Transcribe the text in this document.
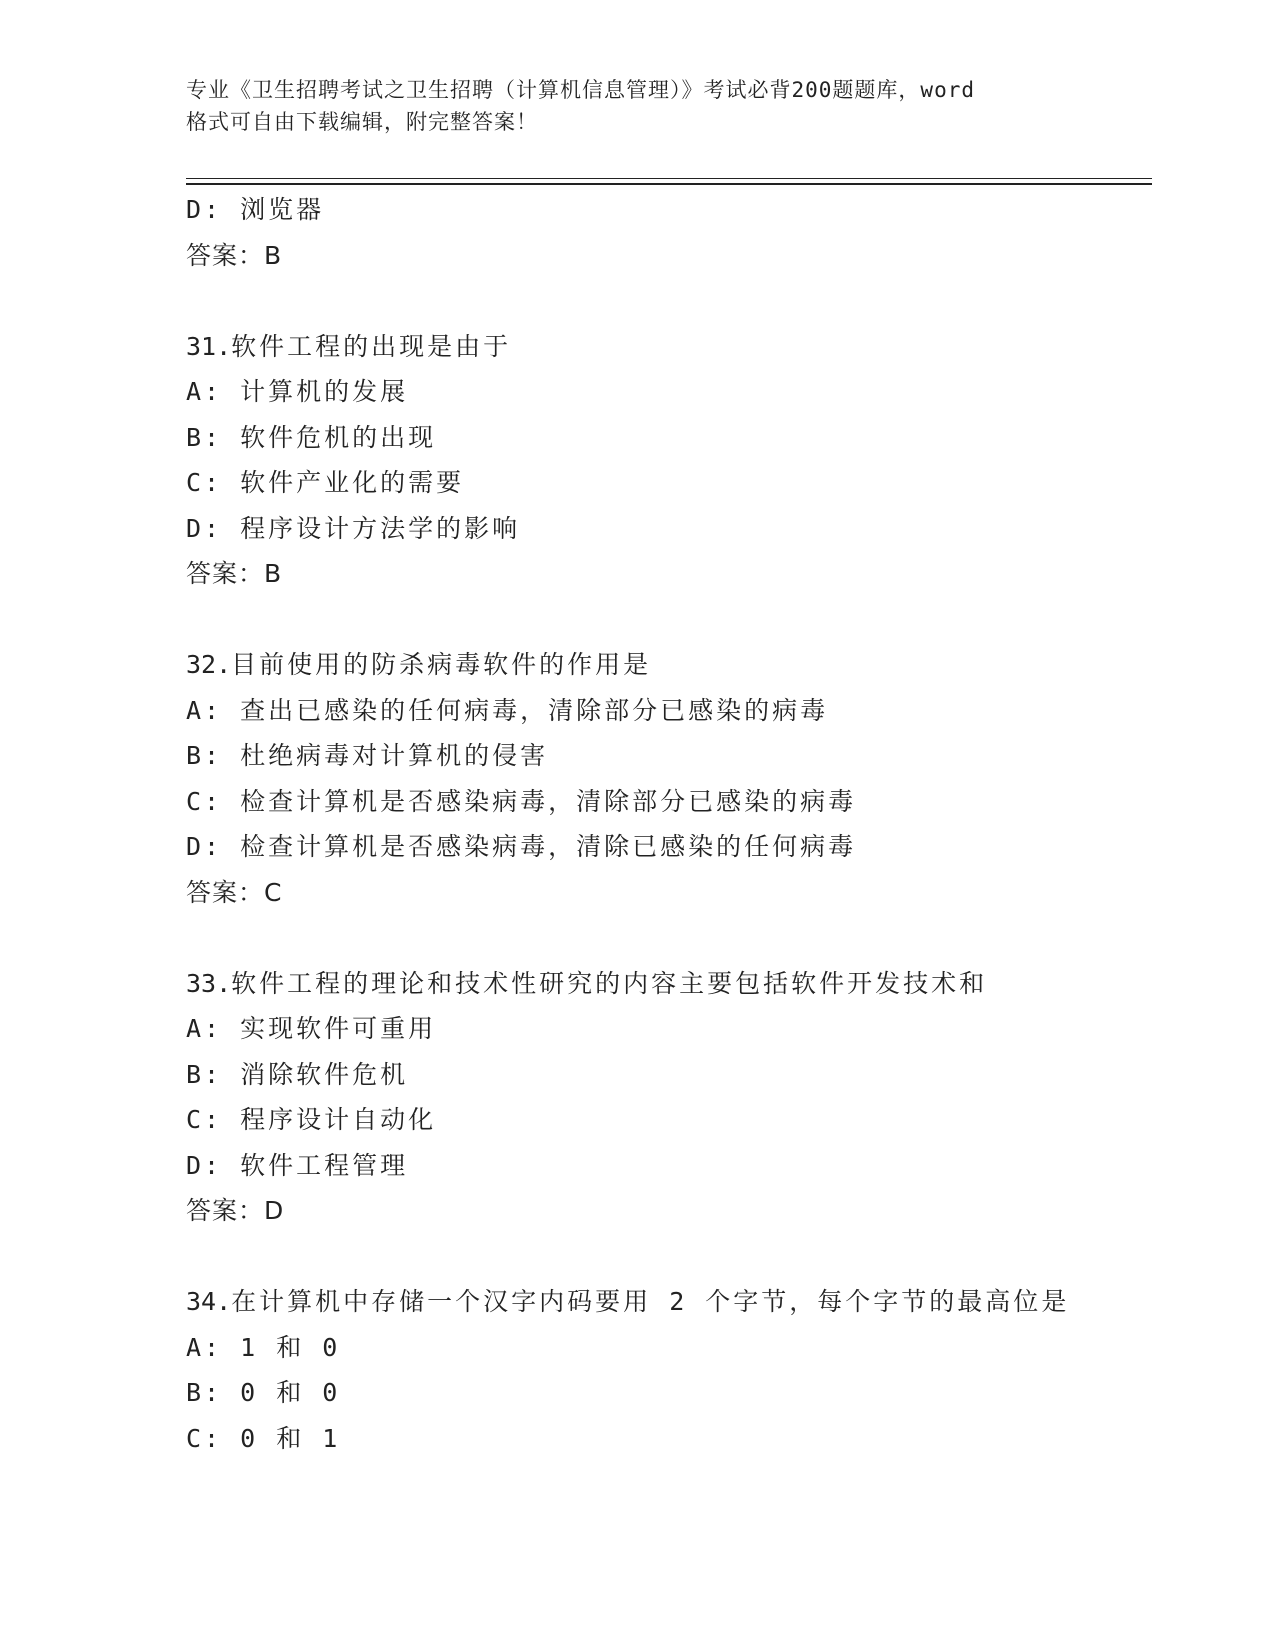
专业《卫生招聘考试之卫生招聘（计算机信息管理）》考试必背200题题库，word
格式可自由下载编辑，附完整答案！
D: 浏览器
答案：B
31.软件工程的出现是由于
A: 计算机的发展
B: 软件危机的出现
C: 软件产业化的需要
D: 程序设计方法学的影响
答案：B
32.目前使用的防杀病毒软件的作用是
A: 查出已感染的任何病毒，清除部分已感染的病毒
B: 杜绝病毒对计算机的侵害
C: 检查计算机是否感染病毒，清除部分已感染的病毒
D: 检查计算机是否感染病毒，清除已感染的任何病毒
答案：C
33.软件工程的理论和技术性研究的内容主要包括软件开发技术和
A: 实现软件可重用
B: 消除软件危机
C: 程序设计自动化
D: 软件工程管理
答案：D
34.在计算机中存储一个汉字内码要用 2 个字节，每个字节的最高位是
A: 1 和 0
B: 0 和 0
C: 0 和 1
